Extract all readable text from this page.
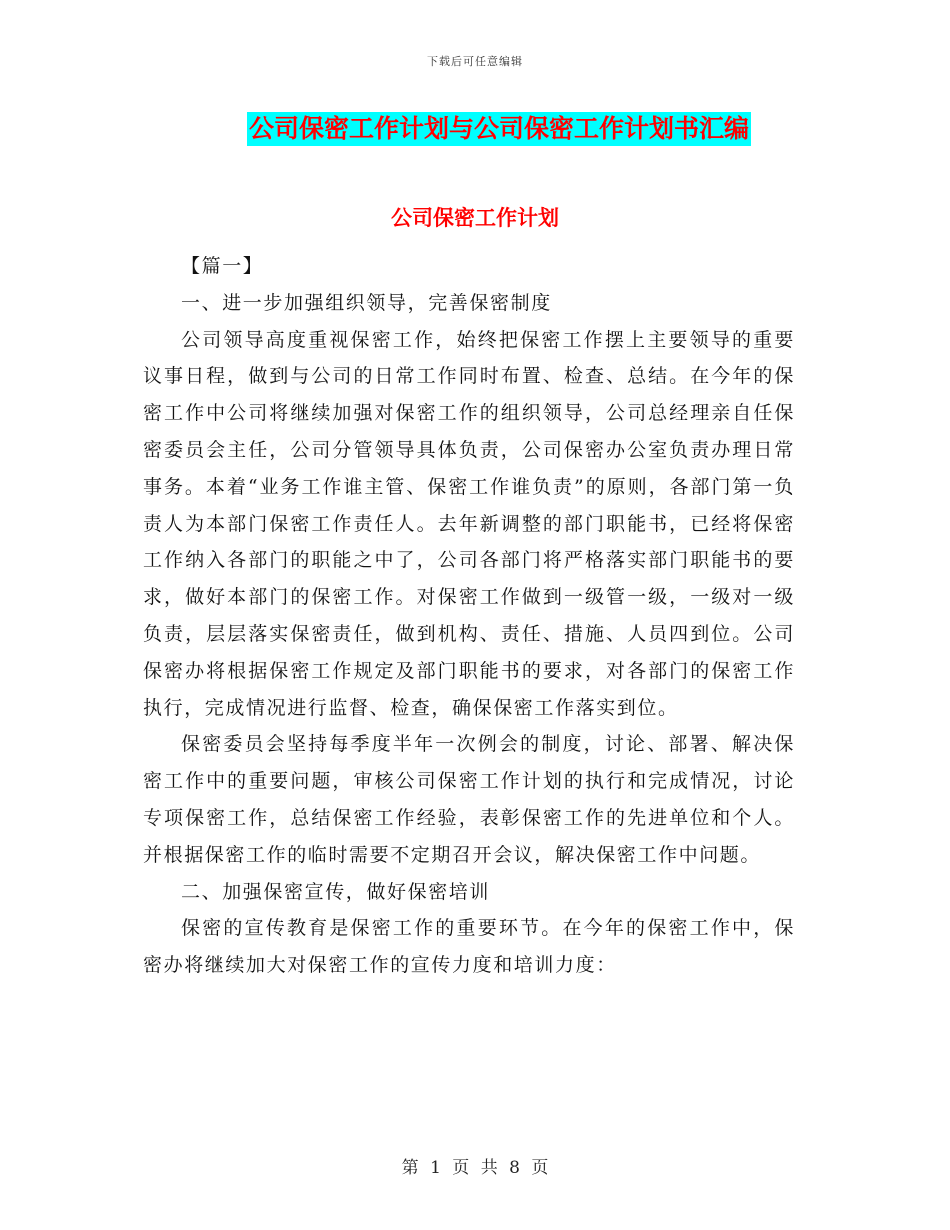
下载后可任意编辑
公司保密工作计划与公司保密工作计划书汇编
公司保密工作计划

【篇一】

一、进一步加强组织领导，完善保密制度

公司领导高度重视保密工作，始终把保密工作摆上主要领导的重要议事日程，做到与公司的日常工作同时布置、检查、总结。在今年的保密工作中公司将继续加强对保密工作的组织领导，公司总经理亲自任保密委员会主任，公司分管领导具体负责，公司保密办公室负责办理日常事务。本着“业务工作谁主管、保密工作谁负责”的原则，各部门第一负责人为本部门保密工作责任人。去年新调整的部门职能书，已经将保密工作纳入各部门的职能之中了，公司各部门将严格落实部门职能书的要求，做好本部门的保密工作。对保密工作做到一级管一级，一级对一级负责，层层落实保密责任，做到机构、责任、措施、人员四到位。公司保密办将根据保密工作规定及部门职能书的要求，对各部门的保密工作执行，完成情况进行监督、检查，确保保密工作落实到位。

保密委员会坚持每季度半年一次例会的制度，讨论、部署、解决保密工作中的重要问题，审核公司保密工作计划的执行和完成情况，讨论专项保密工作，总结保密工作经验，表彰保密工作的先进单位和个人。并根据保密工作的临时需要不定期召开会议，解决保密工作中问题。

二、加强保密宣传，做好保密培训

保密的宣传教育是保密工作的重要环节。在今年的保密工作中，保密办将继续加大对保密工作的宣传力度和培训力度：

第 1 页 共 8 页
